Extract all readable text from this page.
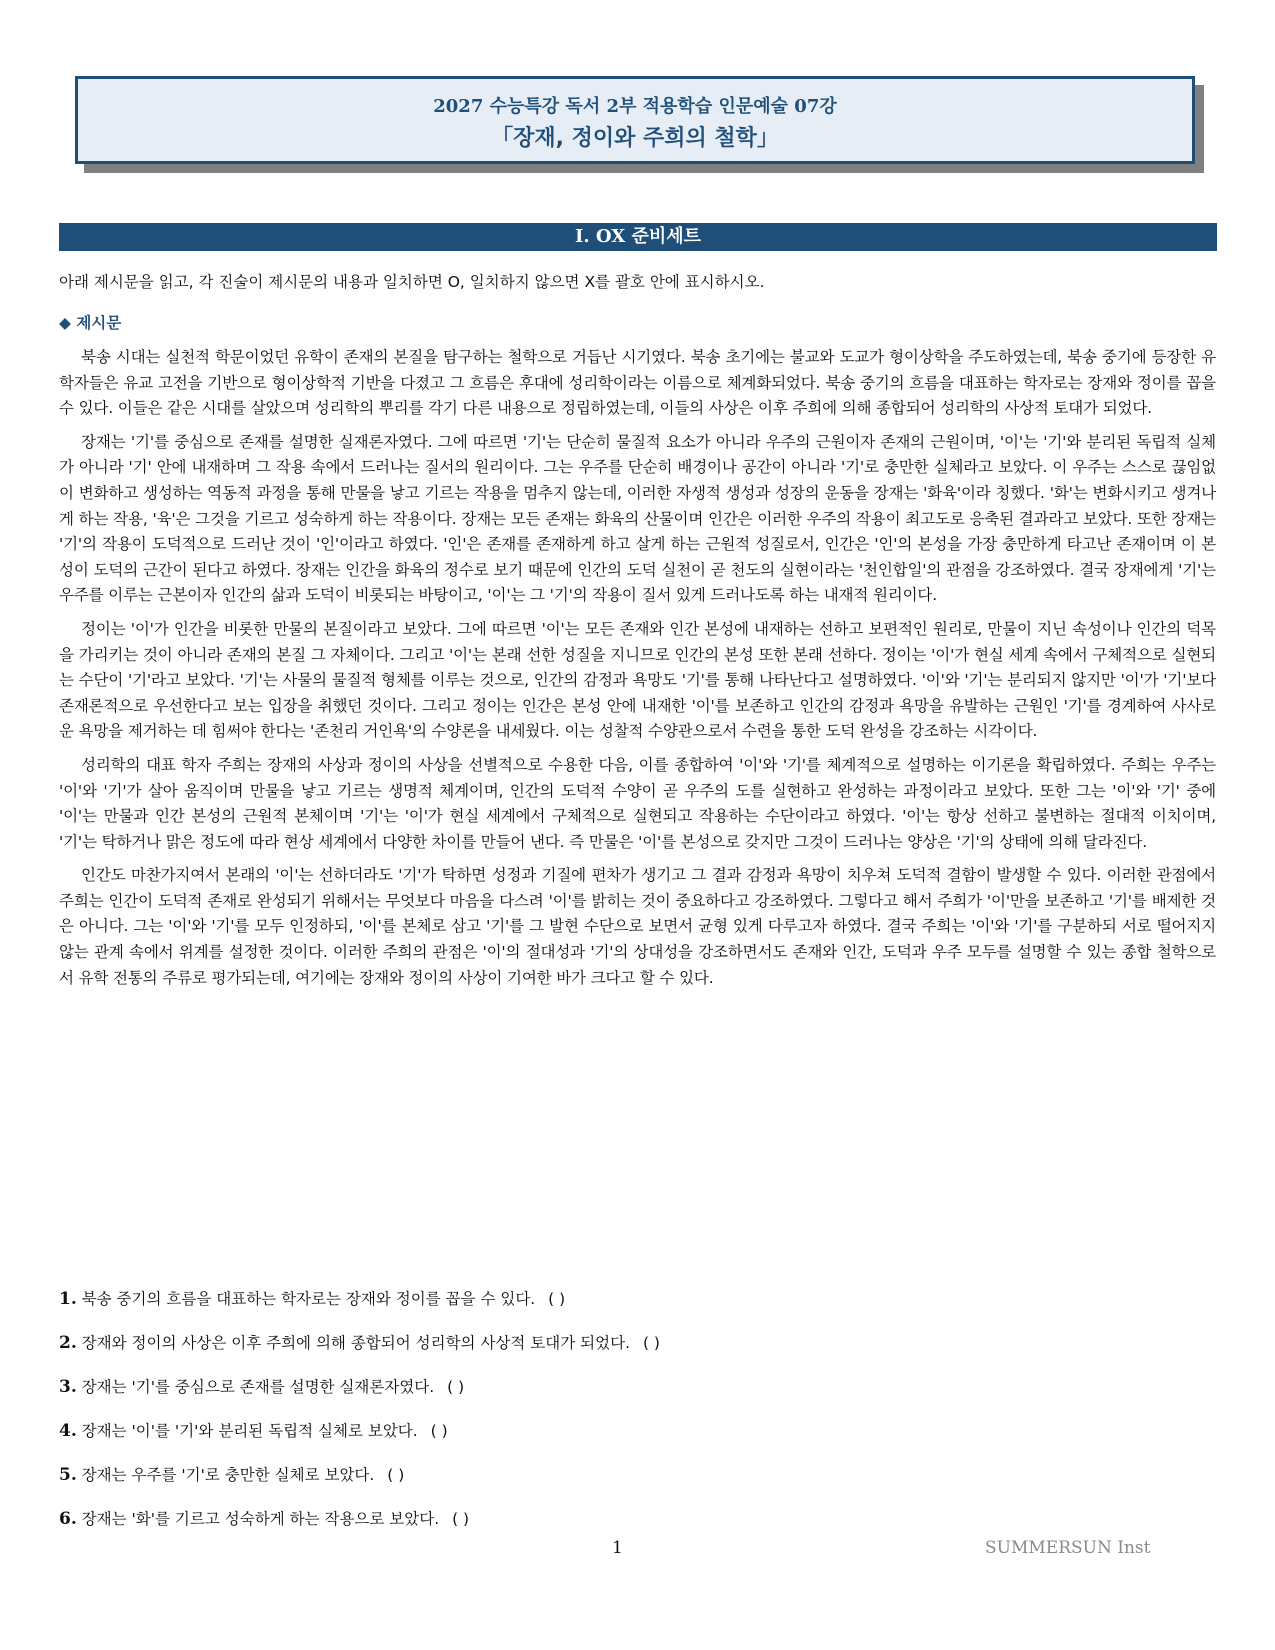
2027 수능특강 독서 2부 적용학습 인문예술 07강
「장재, 정이와 주희의 철학」
I. OX 준비세트
아래 제시문을 읽고, 각 진술이 제시문의 내용과 일치하면 O, 일치하지 않으면 X를 괄호 안에 표시하시오.
◆ 제시문

북송 시대는 실천적 학문이었던 유학이 존재의 본질을 탐구하는 철학으로 거듭난 시기였다. 북송 초기에는 불교와 도교가 형이상학을 주도하였는데, 북송 중기에 등장한 유학자들은 유교 고전을 기반으로 형이상학적 기반을 다졌고 그 흐름은 후대에 성리학이라는 이름으로 체계화되었다. 북송 중기의 흐름을 대표하는 학자로는 장재와 정이를 꼽을 수 있다. 이들은 같은 시대를 살았으며 성리학의 뿌리를 각기 다른 내용으로 정립하였는데, 이들의 사상은 이후 주희에 의해 종합되어 성리학의 사상적 토대가 되었다.

장재는 '기'를 중심으로 존재를 설명한 실재론자였다. 그에 따르면 '기'는 단순히 물질적 요소가 아니라 우주의 근원이자 존재의 근원이며, '이'는 '기'와 분리된 독립적 실체가 아니라 '기' 안에 내재하며 그 작용 속에서 드러나는 질서의 원리이다. 그는 우주를 단순히 배경이나 공간이 아니라 '기'로 충만한 실체라고 보았다. 이 우주는 스스로 끊임없이 변화하고 생성하는 역동적 과정을 통해 만물을 낳고 기르는 작용을 멈추지 않는데, 이러한 자생적 생성과 성장의 운동을 장재는 '화육'이라 칭했다. '화'는 변화시키고 생겨나게 하는 작용, '육'은 그것을 기르고 성숙하게 하는 작용이다. 장재는 모든 존재는 화육의 산물이며 인간은 이러한 우주의 작용이 최고도로 응축된 결과라고 보았다. 또한 장재는 '기'의 작용이 도덕적으로 드러난 것이 '인'이라고 하였다. '인'은 존재를 존재하게 하고 살게 하는 근원적 성질로서, 인간은 '인'의 본성을 가장 충만하게 타고난 존재이며 이 본성이 도덕의 근간이 된다고 하였다. 장재는 인간을 화육의 정수로 보기 때문에 인간의 도덕 실천이 곧 천도의 실현이라는 '천인합일'의 관점을 강조하였다. 결국 장재에게 '기'는 우주를 이루는 근본이자 인간의 삶과 도덕이 비롯되는 바탕이고, '이'는 그 '기'의 작용이 질서 있게 드러나도록 하는 내재적 원리이다.

정이는 '이'가 인간을 비롯한 만물의 본질이라고 보았다. 그에 따르면 '이'는 모든 존재와 인간 본성에 내재하는 선하고 보편적인 원리로, 만물이 지닌 속성이나 인간의 덕목을 가리키는 것이 아니라 존재의 본질 그 자체이다. 그리고 '이'는 본래 선한 성질을 지니므로 인간의 본성 또한 본래 선하다. 정이는 '이'가 현실 세계 속에서 구체적으로 실현되는 수단이 '기'라고 보았다. '기'는 사물의 물질적 형체를 이루는 것으로, 인간의 감정과 욕망도 '기'를 통해 나타난다고 설명하였다. '이'와 '기'는 분리되지 않지만 '이'가 '기'보다 존재론적으로 우선한다고 보는 입장을 취했던 것이다. 그리고 정이는 인간은 본성 안에 내재한 '이'를 보존하고 인간의 감정과 욕망을 유발하는 근원인 '기'를 경계하여 사사로운 욕망을 제거하는 데 힘써야 한다는 '존천리 거인욕'의 수양론을 내세웠다. 이는 성찰적 수양관으로서 수련을 통한 도덕 완성을 강조하는 시각이다.

성리학의 대표 학자 주희는 장재의 사상과 정이의 사상을 선별적으로 수용한 다음, 이를 종합하여 '이'와 '기'를 체계적으로 설명하는 이기론을 확립하였다. 주희는 우주는 '이'와 '기'가 살아 움직이며 만물을 낳고 기르는 생명적 체계이며, 인간의 도덕적 수양이 곧 우주의 도를 실현하고 완성하는 과정이라고 보았다. 또한 그는 '이'와 '기' 중에 '이'는 만물과 인간 본성의 근원적 본체이며 '기'는 '이'가 현실 세계에서 구체적으로 실현되고 작용하는 수단이라고 하였다. '이'는 항상 선하고 불변하는 절대적 이치이며, '기'는 탁하거나 맑은 정도에 따라 현상 세계에서 다양한 차이를 만들어 낸다. 즉 만물은 '이'를 본성으로 갖지만 그것이 드러나는 양상은 '기'의 상태에 의해 달라진다.

인간도 마찬가지여서 본래의 '이'는 선하더라도 '기'가 탁하면 성정과 기질에 편차가 생기고 그 결과 감정과 욕망이 치우쳐 도덕적 결함이 발생할 수 있다. 이러한 관점에서 주희는 인간이 도덕적 존재로 완성되기 위해서는 무엇보다 마음을 다스려 '이'를 밝히는 것이 중요하다고 강조하였다. 그렇다고 해서 주희가 '이'만을 보존하고 '기'를 배제한 것은 아니다. 그는 '이'와 '기'를 모두 인정하되, '이'를 본체로 삼고 '기'를 그 발현 수단으로 보면서 균형 있게 다루고자 하였다. 결국 주희는 '이'와 '기'를 구분하되 서로 떨어지지 않는 관계 속에서 위계를 설정한 것이다. 이러한 주희의 관점은 '이'의 절대성과 '기'의 상대성을 강조하면서도 존재와 인간, 도덕과 우주 모두를 설명할 수 있는 종합 철학으로서 유학 전통의 주류로 평가되는데, 여기에는 장재와 정이의 사상이 기여한 바가 크다고 할 수 있다.

1. 북송 중기의 흐름을 대표하는 학자로는 장재와 정이를 꼽을 수 있다. ( )
2. 장재와 정이의 사상은 이후 주희에 의해 종합되어 성리학의 사상적 토대가 되었다. ( )
3. 장재는 '기'를 중심으로 존재를 설명한 실재론자였다. ( )
4. 장재는 '이'를 '기'와 분리된 독립적 실체로 보았다. ( )
5. 장재는 우주를 '기'로 충만한 실체로 보았다. ( )
6. 장재는 '화'를 기르고 성숙하게 하는 작용으로 보았다. ( )
1	SUMMERSUN Inst
